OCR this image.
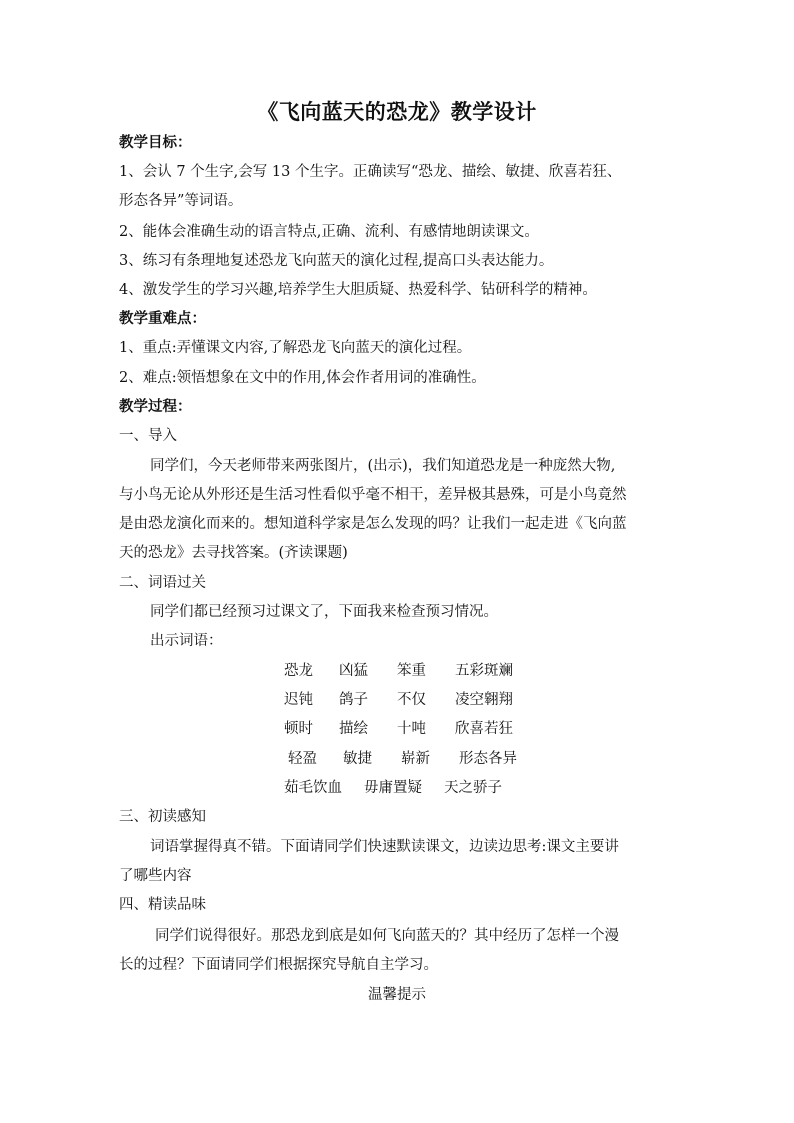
《飞向蓝天的恐龙》教学设计
教学目标：
1、会认 7 个生字,会写 13 个生字。正确读写“恐龙、描绘、敏捷、欣喜若狂、
形态各异”等词语。
2、能体会准确生动的语言特点,正确、流利、有感情地朗读课文。
3、练习有条理地复述恐龙飞向蓝天的演化过程,提高口头表达能力。
4、激发学生的学习兴趣,培养学生大胆质疑、热爱科学、钻研科学的精神。
教学重难点：
1、重点:弄懂课文内容,了解恐龙飞向蓝天的演化过程。
2、难点:领悟想象在文中的作用,体会作者用词的准确性。
教学过程：
一、导入
同学们，今天老师带来两张图片，(出示)，我们知道恐龙是一种庞然大物,
与小鸟无论从外形还是生活习性看似乎毫不相干，差异极其悬殊，可是小鸟竟然
是由恐龙演化而来的。想知道科学家是怎么发现的吗？让我们一起走进《飞向蓝
天的恐龙》去寻找答案。(齐读课题)
二、词语过关
同学们都已经预习过课文了，下面我来检查预习情况。
出示词语：
恐龙 凶猛 笨重 五彩斑斓
迟钝 鸽子 不仅 凌空翱翔
顿时 描绘 十吨 欣喜若狂
轻盈 敏捷 崭新 形态各异
茹毛饮血 毋庸置疑 天之骄子
三、初读感知
词语掌握得真不错。下面请同学们快速默读课文，边读边思考:课文主要讲
了哪些内容
四、精读品味
同学们说得很好。那恐龙到底是如何飞向蓝天的？其中经历了怎样一个漫
长的过程？下面请同学们根据探究导航自主学习。
温馨提示
